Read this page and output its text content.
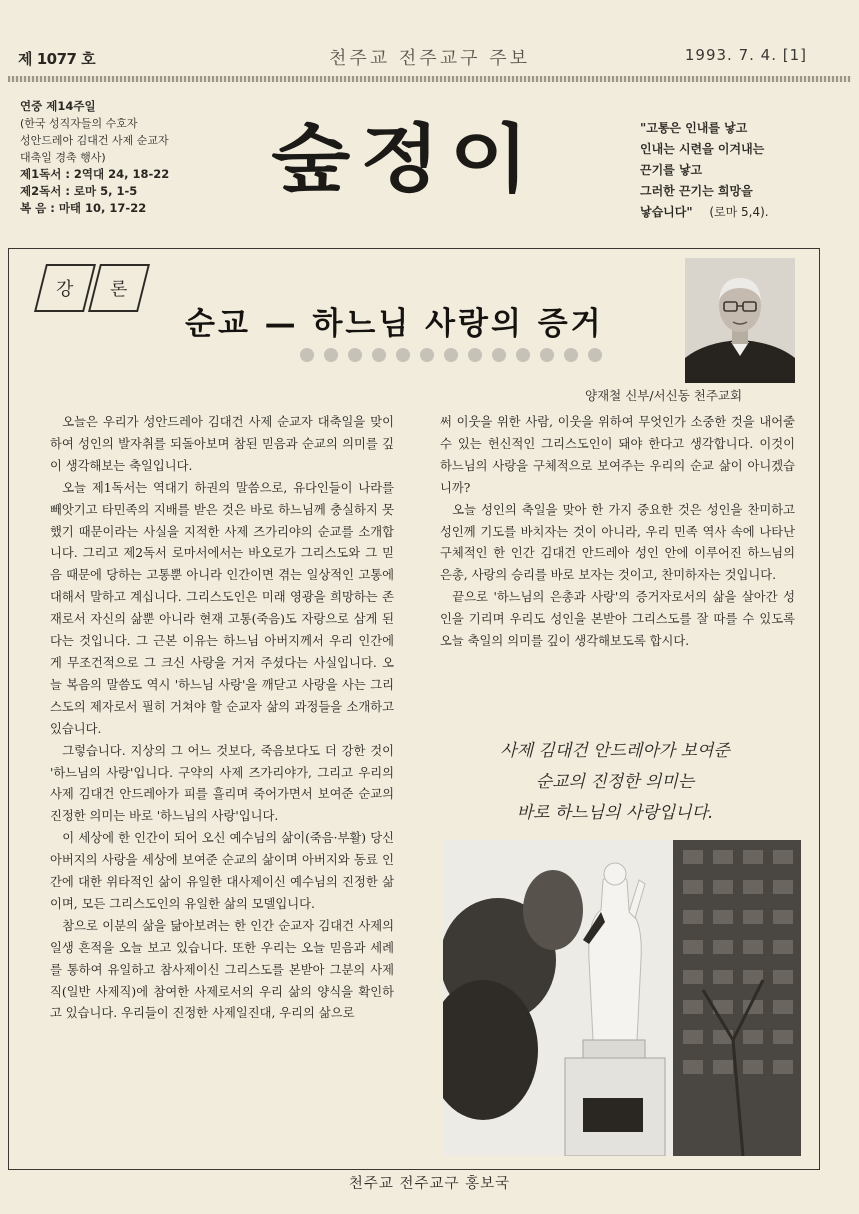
제 1077 호	천주교 전주교구 주보	1993. 7. 4. [1]
연중 제14주일
(한국 성직자들의 수호자
성안드레아 김대건 사제 순교자
대축일 경축 행사)
제1독서 : 2역대 24, 18-22
제2독서 : 로마 5, 1-5
복 음 : 마태 10, 17-22
숲정이	"고통은 인내를 낳고
인내는 시련을 이겨내는
끈기를 낳고
그러한 끈기는 희망을
낳습니다" (로마 5,4).
강 론
순교 — 하느님 사랑의 증거
양재철 신부/서신동 천주교회

오늘은 우리가 성안드레아 김대건 사제 순교자 대축일을 맞이하여 성인의 발자취를 되돌아보며 참된 믿음과 순교의 의미를 깊이 생각해보는 축일입니다.

오늘 제1독서는 역대기 하권의 말씀으로, 유다인들이 나라를 빼앗기고 타민족의 지배를 받은 것은 바로 하느님께 충실하지 못했기 때문이라는 사실을 지적한 사제 즈가리야의 순교를 소개합니다. 그리고 제2독서 로마서에서는 바오로가 그리스도와 그 믿음 때문에 당하는 고통뿐 아니라 인간이면 겪는 일상적인 고통에 대해서 말하고 계십니다. 그리스도인은 미래 영광을 희망하는 존재로서 자신의 삶뿐 아니라 현재 고통(죽음)도 자랑으로 삼게 된다는 것입니다. 그 근본 이유는 하느님 아버지께서 우리 인간에게 무조건적으로 그 크신 사랑을 거저 주셨다는 사실입니다. 오늘 복음의 말씀도 역시 '하느님 사랑'을 깨닫고 사랑을 사는 그리스도의 제자로서 필히 거쳐야 할 순교자 삶의 과정들을 소개하고 있습니다.

그렇습니다. 지상의 그 어느 것보다, 죽음보다도 더 강한 것이 '하느님의 사랑'입니다. 구약의 사제 즈가리야가, 그리고 우리의 사제 김대건 안드레아가 피를 흘리며 죽어가면서 보여준 순교의 진정한 의미는 바로 '하느님의 사랑'입니다.

이 세상에 한 인간이 되어 오신 예수님의 삶이(죽음·부활) 당신 아버지의 사랑을 세상에 보여준 순교의 삶이며 아버지와 동료 인간에 대한 위타적인 삶이 유일한 대사제이신 예수님의 진정한 삶이며, 모든 그리스도인의 유일한 삶의 모델입니다.

참으로 이분의 삶을 닮아보려는 한 인간 순교자 김대건 사제의 일생 흔적을 오늘 보고 있습니다. 또한 우리는 오늘 믿음과 세례를 통하여 유일하고 참사제이신 그리스도를 본받아 그분의 사제직(일반 사제직)에 참여한 사제로서의 우리 삶의 양식을 확인하고 있습니다. 우리들이 진정한 사제일진대, 우리의 삶으로

써 이웃을 위한 사람, 이웃을 위하여 무엇인가 소중한 것을 내어줄 수 있는 헌신적인 그리스도인이 돼야 한다고 생각합니다. 이것이 하느님의 사랑을 구체적으로 보여주는 우리의 순교 삶이 아니겠습니까?

오늘 성인의 축일을 맞아 한 가지 중요한 것은 성인을 찬미하고 성인께 기도를 바치자는 것이 아니라, 우리 민족 역사 속에 나타난 구체적인 한 인간 김대건 안드레아 성인 안에 이루어진 하느님의 은총, 사랑의 승리를 바로 보자는 것이고, 찬미하자는 것입니다.

끝으로 '하느님의 은총과 사랑'의 증거자로서의 삶을 살아간 성인을 기리며 우리도 성인을 본받아 그리스도를 잘 따를 수 있도록 오늘 축일의 의미를 깊이 생각해보도록 합시다.

사제 김대건 안드레아가 보여준
순교의 진정한 의미는
바로 하느님의 사랑입니다.
천주교 전주교구 홍보국
